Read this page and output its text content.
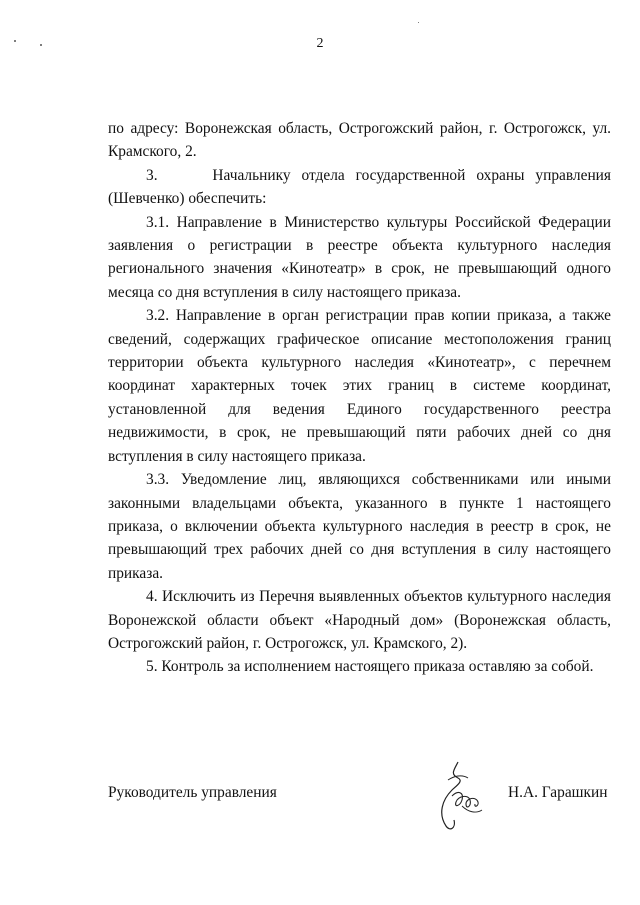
2

по адресу: Воронежская область, Острогожский район, г. Острогожск, ул. Крамского, 2.

3.     Начальнику отдела государственной охраны управления (Шевченко) обеспечить:

3.1. Направление в Министерство культуры Российской Федерации заявления о регистрации в реестре объекта культурного наследия регионального значения «Кинотеатр» в срок, не превышающий одного месяца со дня вступления в силу настоящего приказа.

3.2. Направление в орган регистрации прав копии приказа, а также сведений, содержащих графическое описание местоположения границ территории объекта культурного наследия «Кинотеатр», с перечнем координат характерных точек этих границ в системе координат, установленной для ведения Единого государственного реестра недвижимости, в срок, не превышающий пяти рабочих дней со дня вступления в силу настоящего приказа.

3.3. Уведомление лиц, являющихся собственниками или иными законными владельцами объекта, указанного в пункте 1 настоящего приказа, о включении объекта культурного наследия в реестр в срок, не превышающий трех рабочих дней со дня вступления в силу настоящего приказа.

4. Исключить из Перечня выявленных объектов культурного наследия Воронежской области объект «Народный дом» (Воронежская область, Острогожский район, г. Острогожск, ул. Крамского, 2).

5. Контроль за исполнением настоящего приказа оставляю за собой.

Руководитель управления	Н.А. Гарашкин
